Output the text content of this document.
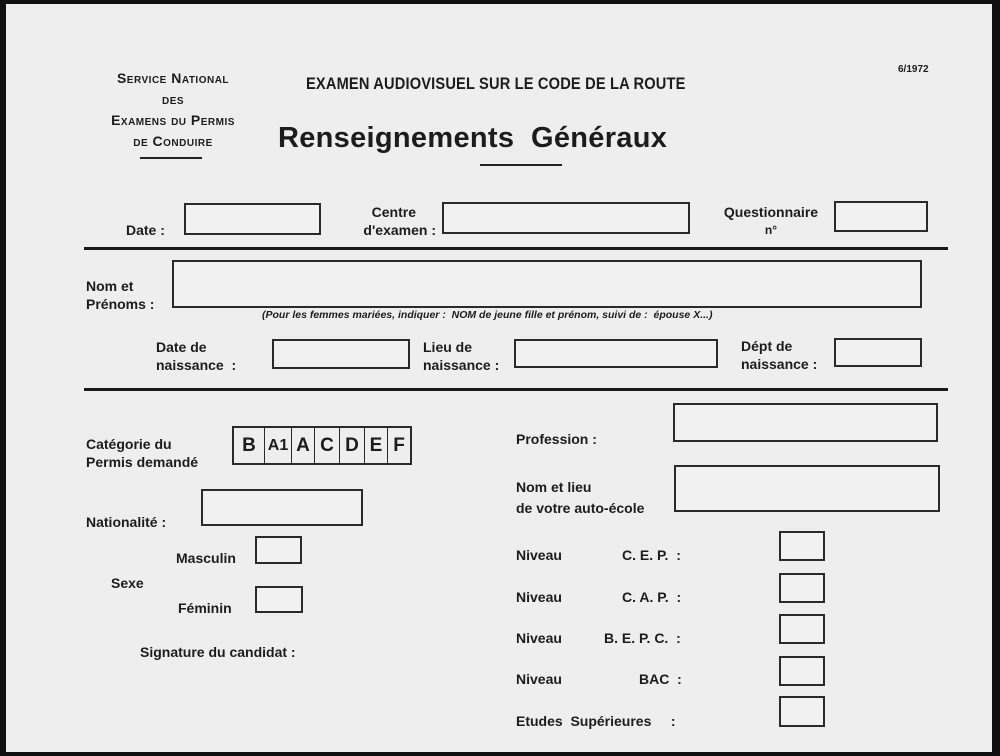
Service National
des
Examens du Permis
de Conduire
EXAMEN AUDIOVISUEL SUR LE CODE DE LA ROUTE
Renseignements  Généraux
6/1972
Date :
Centre
d'examen :
Questionnaire
n°
Nom et
Prénoms :
(Pour les femmes mariées, indiquer :  NOM de jeune fille et prénom, suivi de :  épouse X...)
Date de
naissance  :
Lieu de
naissance :
Dépt de
naissance :
Catégorie du
Permis demandé
B A1 A C D E F
Nationalité :
Masculin
Sexe
Féminin
Signature du candidat :
Profession :
Nom et lieu
de votre auto-école
Niveau	C. E. P.  :
Niveau	C. A. P.  :
Niveau	B. E. P. C.  :
Niveau	BAC  :
Etudes  Supérieures     :
